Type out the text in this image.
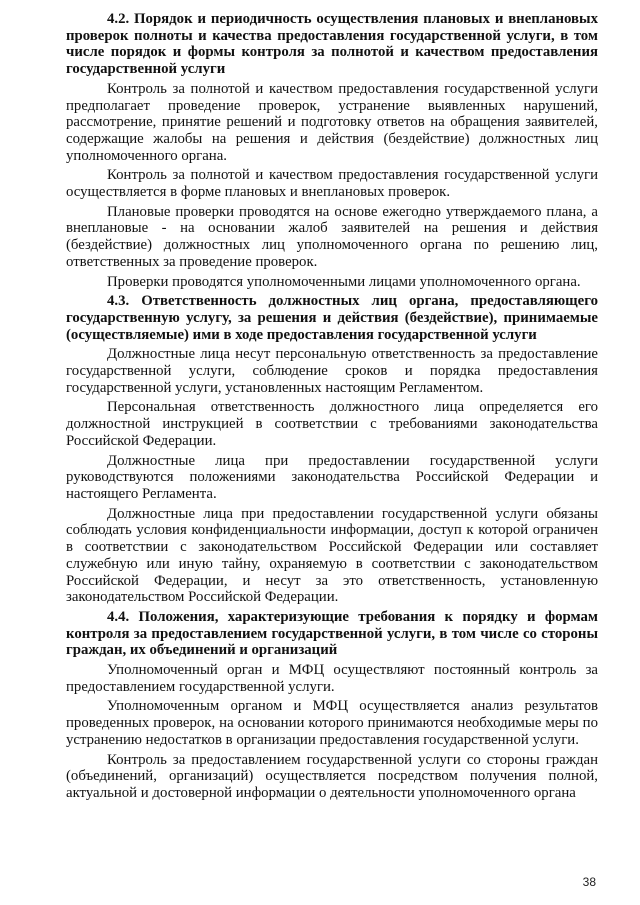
4.2. Порядок и периодичность осуществления плановых и внеплановых проверок полноты и качества предоставления государственной услуги, в том числе порядок и формы контроля за полнотой и качеством предоставления государственной услуги

Контроль за полнотой и качеством предоставления государственной услуги предполагает проведение проверок, устранение выявленных нарушений, рассмотрение, принятие решений и подготовку ответов на обращения заявителей, содержащие жалобы на решения и действия (бездействие) должностных лиц уполномоченного органа.

Контроль за полнотой и качеством предоставления государственной услуги осуществляется в форме плановых и внеплановых проверок.

Плановые проверки проводятся на основе ежегодно утверждаемого плана, а внеплановые - на основании жалоб заявителей на решения и действия (бездействие) должностных лиц уполномоченного органа по решению лиц, ответственных за проведение проверок.

Проверки проводятся уполномоченными лицами уполномоченного органа.

4.3. Ответственность должностных лиц органа, предоставляющего государственную услугу, за решения и действия (бездействие), принимаемые (осуществляемые) ими в ходе предоставления государственной услуги

Должностные лица несут персональную ответственность за предоставление государственной услуги, соблюдение сроков и порядка предоставления государственной услуги, установленных настоящим Регламентом.

Персональная ответственность должностного лица определяется его должностной инструкцией в соответствии с требованиями законодательства Российской Федерации.

Должностные лица при предоставлении государственной услуги руководствуются положениями законодательства Российской Федерации и настоящего Регламента.

Должностные лица при предоставлении государственной услуги обязаны соблюдать условия конфиденциальности информации, доступ к которой ограничен в соответствии с законодательством Российской Федерации или составляет служебную или иную тайну, охраняемую в соответствии с законодательством Российской Федерации, и несут за это ответственность, установленную законодательством Российской Федерации.

4.4. Положения, характеризующие требования к порядку и формам контроля за предоставлением государственной услуги, в том числе со стороны граждан, их объединений и организаций

Уполномоченный орган и МФЦ осуществляют постоянный контроль за предоставлением государственной услуги.

Уполномоченным органом и МФЦ осуществляется анализ результатов проведенных проверок, на основании которого принимаются необходимые меры по устранению недостатков в организации предоставления государственной услуги.

Контроль за предоставлением государственной услуги со стороны граждан (объединений, организаций) осуществляется посредством получения полной, актуальной и достоверной информации о деятельности уполномоченного органа

38
